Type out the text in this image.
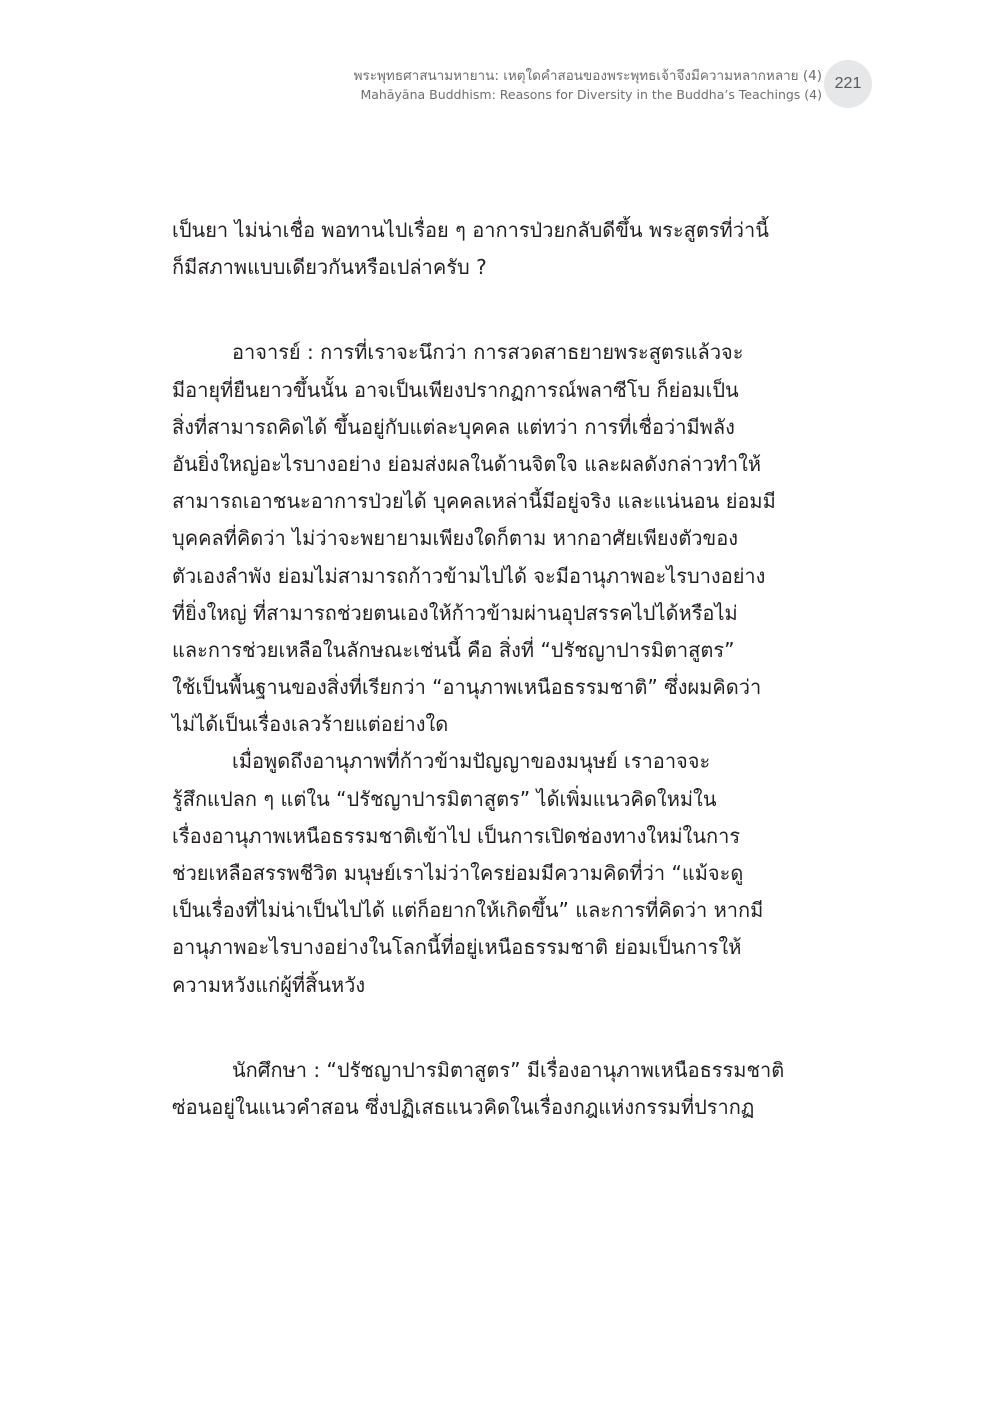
พระพุทธศาสนามหายาน: เหตุใดคำสอนของพระพุทธเจ้าจึงมีความหลากหลาย (4)
Mahāyāna Buddhism: Reasons for Diversity in the Buddha’s Teachings (4)
221
เป็นยา ไม่น่าเชื่อ พอทานไปเรื่อย ๆ อาการป่วยกลับดีขึ้น พระสูตรที่ว่านี้
ก็มีสภาพแบบเดียวกันหรือเปล่าครับ ?
อาจารย์ : การที่เราจะนึกว่า การสวดสาธยายพระสูตรแล้วจะ
มีอายุที่ยืนยาวขึ้นนั้น อาจเป็นเพียงปรากฏการณ์พลาซีโบ ก็ย่อมเป็น
สิ่งที่สามารถคิดได้ ขึ้นอยู่กับแต่ละบุคคล แต่ทว่า การที่เชื่อว่ามีพลัง
อันยิ่งใหญ่อะไรบางอย่าง ย่อมส่งผลในด้านจิตใจ และผลดังกล่าวทำให้
สามารถเอาชนะอาการป่วยได้ บุคคลเหล่านี้มีอยู่จริง และแน่นอน ย่อมมี
บุคคลที่คิดว่า ไม่ว่าจะพยายามเพียงใดก็ตาม หากอาศัยเพียงตัวของ
ตัวเองลำพัง ย่อมไม่สามารถก้าวข้ามไปได้ จะมีอานุภาพอะไรบางอย่าง
ที่ยิ่งใหญ่ ที่สามารถช่วยตนเองให้ก้าวข้ามผ่านอุปสรรคไปได้หรือไม่
และการช่วยเหลือในลักษณะเช่นนี้ คือ สิ่งที่ “ปรัชญาปารมิตาสูตร”
ใช้เป็นพื้นฐานของสิ่งที่เรียกว่า “อานุภาพเหนือธรรมชาติ” ซึ่งผมคิดว่า
ไม่ได้เป็นเรื่องเลวร้ายแต่อย่างใด
เมื่อพูดถึงอานุภาพที่ก้าวข้ามปัญญาของมนุษย์ เราอาจจะ
รู้สึกแปลก ๆ แต่ใน “ปรัชญาปารมิตาสูตร” ได้เพิ่มแนวคิดใหม่ใน
เรื่องอานุภาพเหนือธรรมชาติเข้าไป เป็นการเปิดช่องทางใหม่ในการ
ช่วยเหลือสรรพชีวิต มนุษย์เราไม่ว่าใครย่อมมีความคิดที่ว่า “แม้จะดู
เป็นเรื่องที่ไม่น่าเป็นไปได้ แต่ก็อยากให้เกิดขึ้น” และการที่คิดว่า หากมี
อานุภาพอะไรบางอย่างในโลกนี้ที่อยู่เหนือธรรมชาติ ย่อมเป็นการให้
ความหวังแก่ผู้ที่สิ้นหวัง
นักศึกษา : “ปรัชญาปารมิตาสูตร” มีเรื่องอานุภาพเหนือธรรมชาติ
ซ่อนอยู่ในแนวคำสอน ซึ่งปฏิเสธแนวคิดในเรื่องกฎแห่งกรรมที่ปรากฏ
